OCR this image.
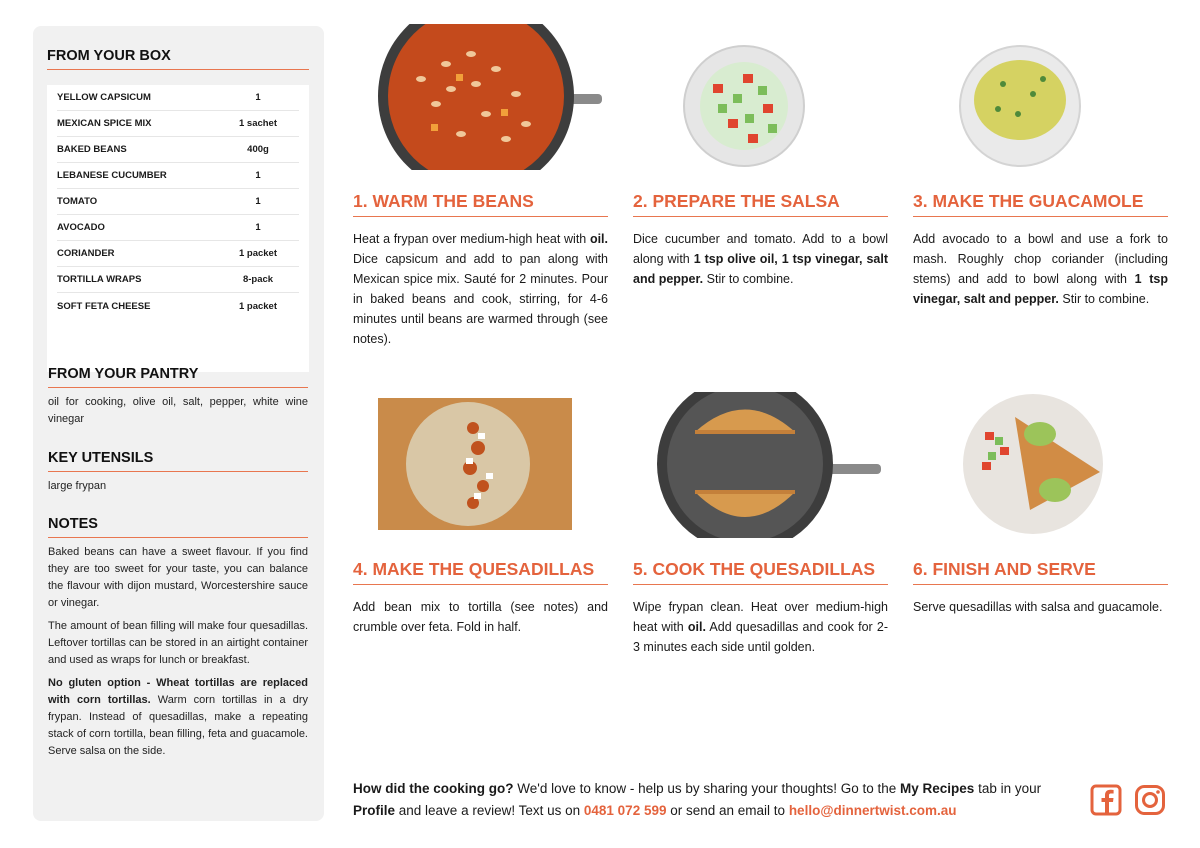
FROM YOUR BOX
YELLOW CAPSICUM	1
MEXICAN SPICE MIX	1 sachet
BAKED BEANS	400g
LEBANESE CUCUMBER	1
TOMATO	1
AVOCADO	1
CORIANDER	1 packet
TORTILLA WRAPS	8-pack
SOFT FETA CHEESE	1 packet
FROM YOUR PANTRY
oil for cooking, olive oil, salt, pepper, white wine vinegar
KEY UTENSILS
large frypan
NOTES

Baked beans can have a sweet flavour. If you find they are too sweet for your taste, you can balance the flavour with dijon mustard, Worcestershire sauce or vinegar.

The amount of bean filling will make four quesadillas. Leftover tortillas can be stored in an airtight container and used as wraps for lunch or breakfast.

No gluten option - Wheat tortillas are replaced with corn tortillas. Warm corn tortillas in a dry frypan. Instead of quesadillas, make a repeating stack of corn tortilla, bean filling, feta and guacamole. Serve salsa on the side.

1. WARM THE BEANS
Heat a frypan over medium-high heat with oil. Dice capsicum and add to pan along with Mexican spice mix. Sauté for 2 minutes. Pour in baked beans and cook, stirring, for 4-6 minutes until beans are warmed through (see notes).
2. PREPARE THE SALSA
Dice cucumber and tomato. Add to a bowl along with 1 tsp olive oil, 1 tsp vinegar, salt and pepper. Stir to combine.
3. MAKE THE GUACAMOLE
Add avocado to a bowl and use a fork to mash. Roughly chop coriander (including stems) and add to bowl along with 1 tsp vinegar, salt and pepper. Stir to combine.
4. MAKE THE QUESADILLAS
Add bean mix to tortilla (see notes) and crumble over feta. Fold in half.
5. COOK THE QUESADILLAS
Wipe frypan clean. Heat over medium-high heat with oil. Add quesadillas and cook for 2-3 minutes each side until golden.
6. FINISH AND SERVE
Serve quesadillas with salsa and guacamole.
How did the cooking go? We'd love to know - help us by sharing your thoughts! Go to the My Recipes tab in your Profile and leave a review! Text us on 0481 072 599 or send an email to hello@dinnertwist.com.au
